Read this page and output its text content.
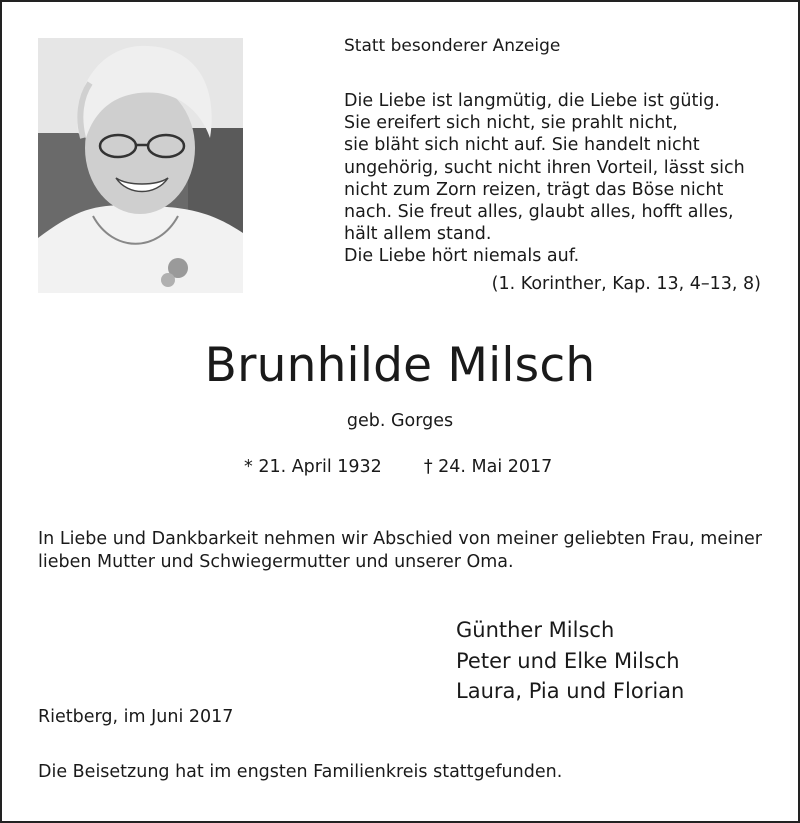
Statt besonderer Anzeige
Die Liebe ist langmütig, die Liebe ist gütig.
Sie ereifert sich nicht, sie prahlt nicht,
sie bläht sich nicht auf. Sie handelt nicht
ungehörig, sucht nicht ihren Vorteil, lässt sich
nicht zum Zorn reizen, trägt das Böse nicht
nach. Sie freut alles, glaubt alles, hofft alles,
hält allem stand.
Die Liebe hört niemals auf.
(1. Korinther, Kap. 13, 4–13, 8)
Brunhilde Milsch
geb. Gorges
* 21. April 1932 † 24. Mai 2017
In Liebe und Dankbarkeit nehmen wir Abschied von meiner geliebten Frau, meiner lieben Mutter und Schwiegermutter und unserer Oma.
Günther Milsch
Peter und Elke Milsch
Laura, Pia und Florian
Rietberg, im Juni 2017
Die Beisetzung hat im engsten Familienkreis stattgefunden.
